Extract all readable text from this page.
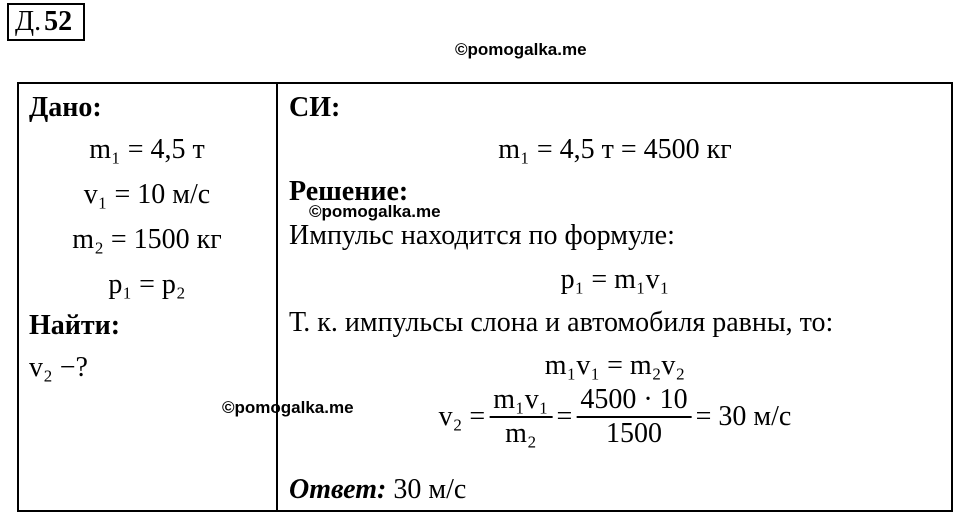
Д. 52
©pomogalka.me
Дано:
m₁ = 4,5 т
v₁ = 10 м/с
m₂ = 1500 кг
p₁ = p₂
Найти:
v₂ −?
СИ:
m₁ = 4,5 т = 4500 кг
Решение:
©pomogalka.me
Импульс находится по формуле:
p₁ = m₁v₁
Т. к. импульсы слона и автомобиля равны, то:
m₁v₁ = m₂v₂
$v_2 = \frac{\text{m₁v₁}}{\text{m₂}} = \frac{4500 \cdot 10}{1500} = 30$ м/с
Ответ: 30 м/с
©pomogalka.me
